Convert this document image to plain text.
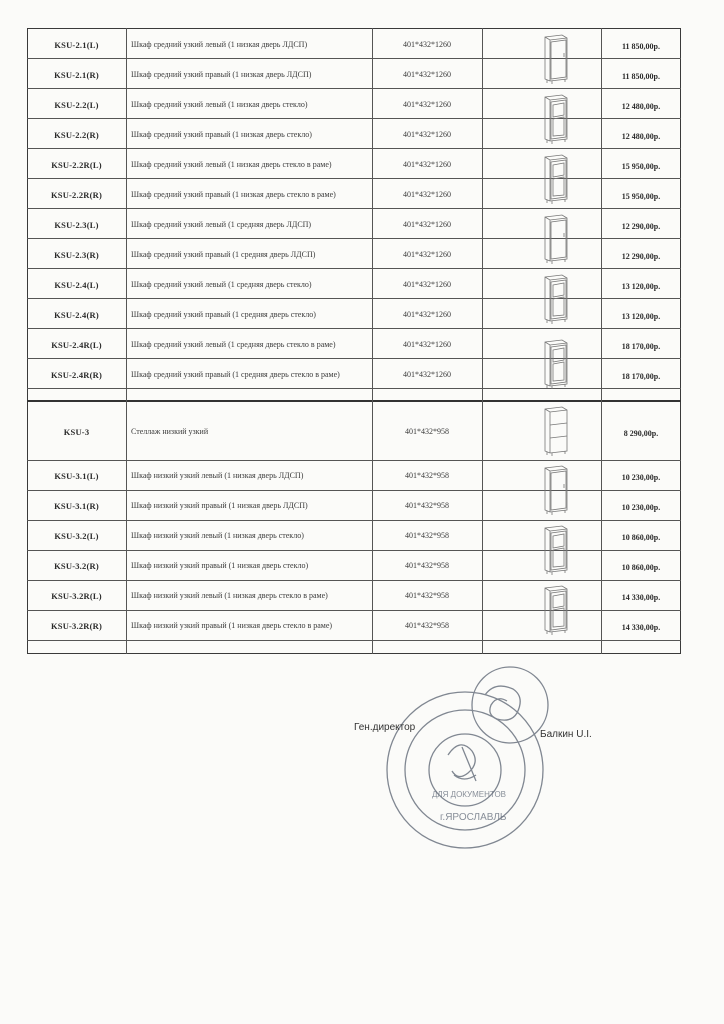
KSU-2.1(L)	Шкаф средний узкий левый (1 низкая дверь ЛДСП)	401*432*1260	11 850,00р.
KSU-2.1(R)	Шкаф средний узкий правый (1 низкая дверь ЛДСП)	401*432*1260	11 850,00р.
KSU-2.2(L)	Шкаф средний узкий левый (1 низкая дверь стекло)	401*432*1260	12 480,00р.
KSU-2.2(R)	Шкаф средний узкий правый (1 низкая дверь стекло)	401*432*1260	12 480,00р.
KSU-2.2R(L)	Шкаф средний узкий левый (1 низкая дверь стекло в раме)	401*432*1260	15 950,00р.
KSU-2.2R(R)	Шкаф средний узкий правый (1 низкая дверь стекло в раме)	401*432*1260	15 950,00р.
KSU-2.3(L)	Шкаф средний узкий левый (1 средняя дверь ЛДСП)	401*432*1260	12 290,00р.
KSU-2.3(R)	Шкаф средний узкий правый (1 средняя дверь ЛДСП)	401*432*1260	12 290,00р.
KSU-2.4(L)	Шкаф средний узкий левый (1 средняя дверь стекло)	401*432*1260	13 120,00р.
KSU-2.4(R)	Шкаф средний узкий правый (1 средняя дверь стекло)	401*432*1260	13 120,00р.
KSU-2.4R(L)	Шкаф средний узкий левый (1 средняя дверь стекло в раме)	401*432*1260	18 170,00р.
KSU-2.4R(R)	Шкаф средний узкий правый (1 средняя дверь стекло в раме)	401*432*1260	18 170,00р.
KSU-3	Стеллаж низкий узкий	401*432*958	8 290,00р.
KSU-3.1(L)	Шкаф низкий узкий левый (1 низкая дверь ЛДСП)	401*432*958	10 230,00р.
KSU-3.1(R)	Шкаф низкий узкий правый (1 низкая дверь ЛДСП)	401*432*958	10 230,00р.
KSU-3.2(L)	Шкаф низкий узкий левый (1 низкая дверь стекло)	401*432*958	10 860,00р.
KSU-3.2(R)	Шкаф низкий узкий правый (1 низкая дверь стекло)	401*432*958	10 860,00р.
KSU-3.2R(L)	Шкаф низкий узкий левый (1 низкая дверь стекло в раме)	401*432*958	14 330,00р.
KSU-3.2R(R)	Шкаф низкий узкий правый (1 низкая дверь стекло в раме)	401*432*958	14 330,00р.
ДЛЯ ДОКУМЕНТОВ
г.ЯРОСЛАВЛЬ
Ген.директор
Балкин U.I.
